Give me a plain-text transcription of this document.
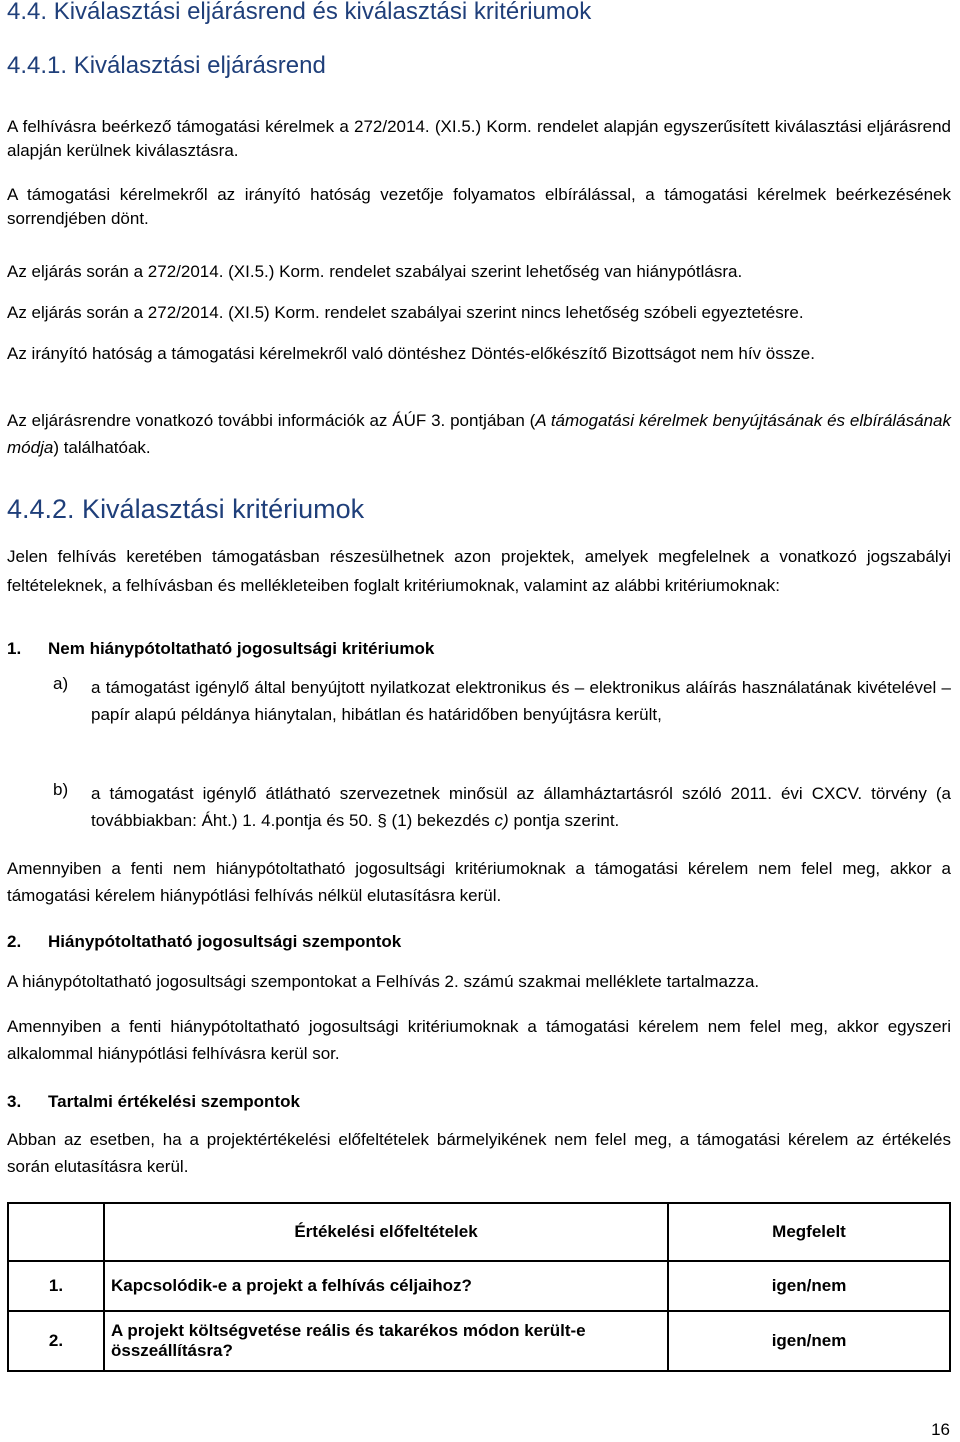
4.4. Kiválasztási eljárásrend és kiválasztási kritériumok
4.4.1. Kiválasztási eljárásrend
A felhívásra beérkező támogatási kérelmek a 272/2014. (XI.5.) Korm. rendelet alapján egyszerűsített kiválasztási eljárásrend alapján kerülnek kiválasztásra.
A támogatási kérelmekről az irányító hatóság vezetője folyamatos elbírálással, a támogatási kérelmek beérkezésének sorrendjében dönt.
Az eljárás során a 272/2014. (XI.5.) Korm. rendelet szabályai szerint lehetőség van hiánypótlásra.
Az eljárás során a 272/2014. (XI.5) Korm. rendelet szabályai szerint nincs lehetőség szóbeli egyeztetésre.
Az irányító hatóság a támogatási kérelmekről való döntéshez Döntés-előkészítő Bizottságot nem hív össze.
Az eljárásrendre vonatkozó további információk az ÁÚF 3. pontjában (A támogatási kérelmek benyújtásának és elbírálásának módja) találhatóak.
4.4.2. Kiválasztási kritériumok
Jelen felhívás keretében támogatásban részesülhetnek azon projektek, amelyek megfelelnek a vonatkozó jogszabályi feltételeknek, a felhívásban és mellékleteiben foglalt kritériumoknak, valamint az alábbi kritériumoknak:
1. Nem hiánypótoltatható jogosultsági kritériumok
a) a támogatást igénylő által benyújtott nyilatkozat elektronikus és – elektronikus aláírás használatának kivételével – papír alapú példánya hiánytalan, hibátlan és határidőben benyújtásra került,
b) a támogatást igénylő átlátható szervezetnek minősül az államháztartásról szóló 2011. évi CXCV. törvény (a továbbiakban: Áht.) 1. 4.pontja és 50. § (1) bekezdés c) pontja szerint.
Amennyiben a fenti nem hiánypótoltatható jogosultsági kritériumoknak a támogatási kérelem nem felel meg, akkor a támogatási kérelem hiánypótlási felhívás nélkül elutasításra kerül.
2. Hiánypótoltatható jogosultsági szempontok
A hiánypótoltatható jogosultsági szempontokat a Felhívás 2. számú szakmai melléklete tartalmazza.
Amennyiben a fenti hiánypótoltatható jogosultsági kritériumoknak a támogatási kérelem nem felel meg, akkor egyszeri alkalommal hiánypótlási felhívásra kerül sor.
3. Tartalmi értékelési szempontok
Abban az esetben, ha a projektértékelési előfeltételek bármelyikének nem felel meg, a támogatási kérelem az értékelés során elutasításra kerül.
	Értékelési előfeltételek	Megfelelt
1.	Kapcsolódik-e a projekt a felhívás céljaihoz?	igen/nem
2.	A projekt költségvetése reális és takarékos módon került-e összeállításra?	igen/nem
16
